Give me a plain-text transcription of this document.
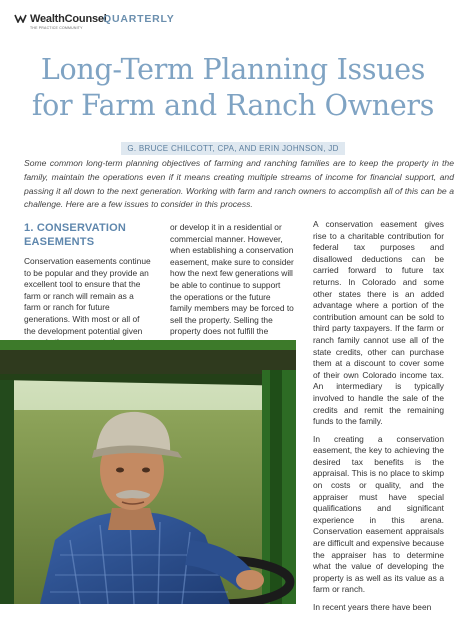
WealthCounsel
THE PRACTICE COMMUNITY
QUARTERLY
Long-Term Planning Issues
for Farm and Ranch Owners
G. BRUCE CHILCOTT, CPA, AND ERIN JOHNSON, JD
Some common long-term planning objectives of farming and ranching families are to keep the property in the family, maintain the operations even if it means creating multiple streams of income for financial support, and passing it all down to the next generation. Working with farm and ranch owners to accomplish all of this can be a challenge. Here are a few issues to consider in this process.
1. CONSERVATION EASEMENTS

Conservation easements continue to be popular and they provide an excellent tool to ensure that the farm or ranch will remain as a farm or ranch for future generations. With most or all of the development potential given

or develop it in a residential or commercial manner. However, when establishing a conservation easement, make sure to consider how the next few generations will be able to continue to support the operations or the future family members may be forced to sell the property. Selling the property does not fulfill the

A conservation easement gives rise to a charitable contribution for federal tax purposes and disallowed deductions can be carried forward to future tax returns. In Colorado and some other states there is an added advantage where a portion of the contribution amount can be sold to third party taxpayers. If the farm or ranch family cannot use all of the state credits, other can purchase them at a discount to cover some of their own Colorado income tax. An intermediary is typically involved to handle the sale of the credits and remit the remaining funds to the family.

In creating a conservation easement, the key to achieving the desired tax benefits is the appraisal. This is no place to skimp on costs or quality, and the appraiser must have special qualifications and significant experience in this arena. Conservation easement appraisals are difficult and expensive because the appraiser has to determine what the value of developing the property is as well as its value as a farm or ranch.

In recent years there have been
